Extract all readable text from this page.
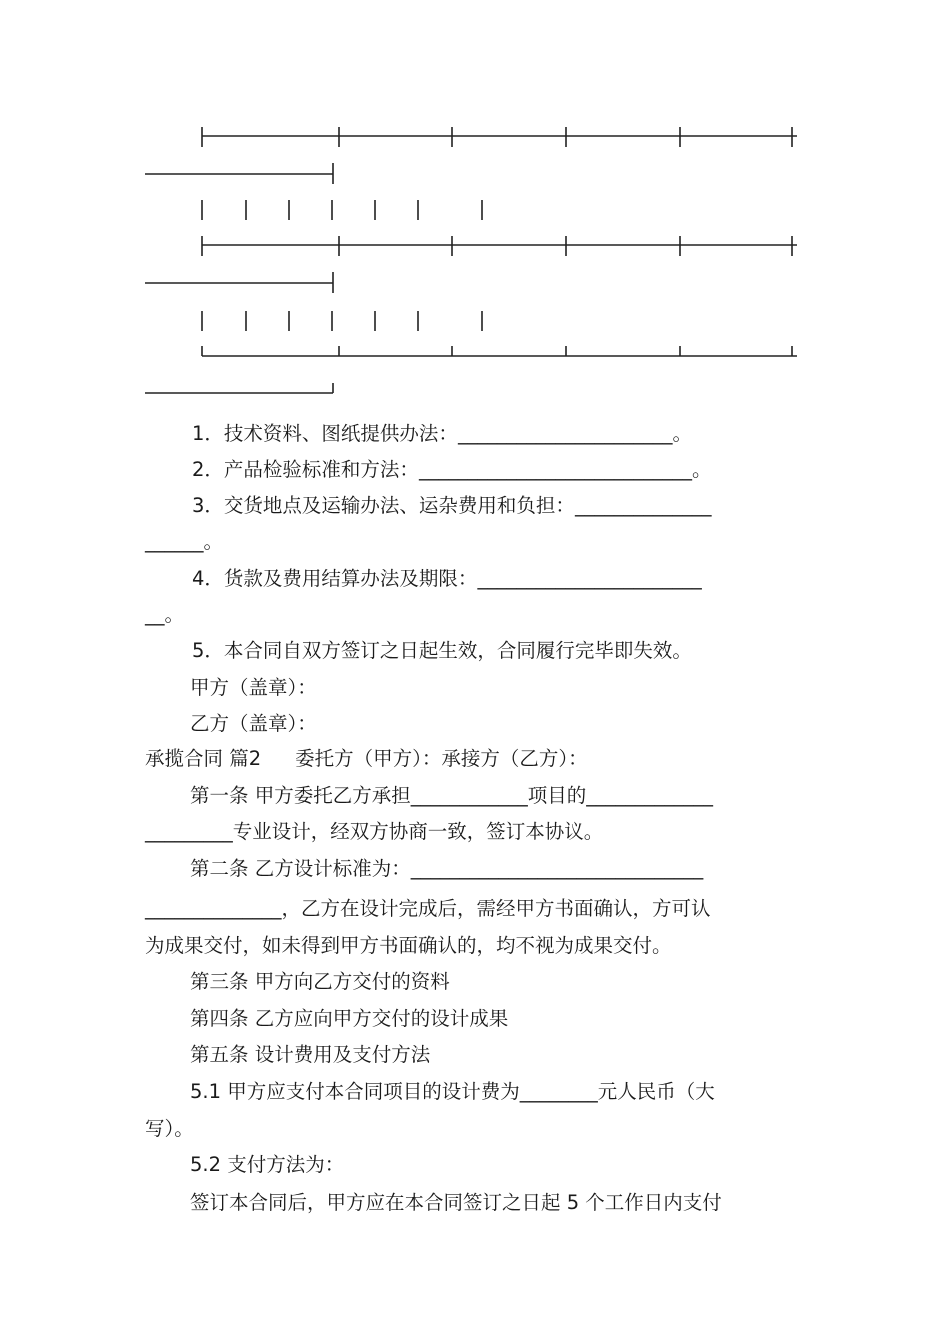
1．技术资料、图纸提供办法：______________________。
2．产品检验标准和方法：____________________________。
3．交货地点及运输办法、运杂费用和负担：______________
______。
4．货款及费用结算办法及期限：_______________________
__。
5．本合同自双方签订之日起生效，合同履行完毕即失效。
甲方（盖章）：
乙方（盖章）：
承揽合同 篇2 委托方（甲方）：承接方（乙方）：
第一条 甲方委托乙方承担____________项目的_____________
_________专业设计，经双方协商一致，签订本协议。
第二条 乙方设计标准为：______________________________
______________，乙方在设计完成后，需经甲方书面确认，方可认
为成果交付，如未得到甲方书面确认的，均不视为成果交付。
第三条 甲方向乙方交付的资料
第四条 乙方应向甲方交付的设计成果
第五条 设计费用及支付方法
5.1 甲方应支付本合同项目的设计费为________元人民币（大
写）。
5.2 支付方法为：
签订本合同后，甲方应在本合同签订之日起 5 个工作日内支付
